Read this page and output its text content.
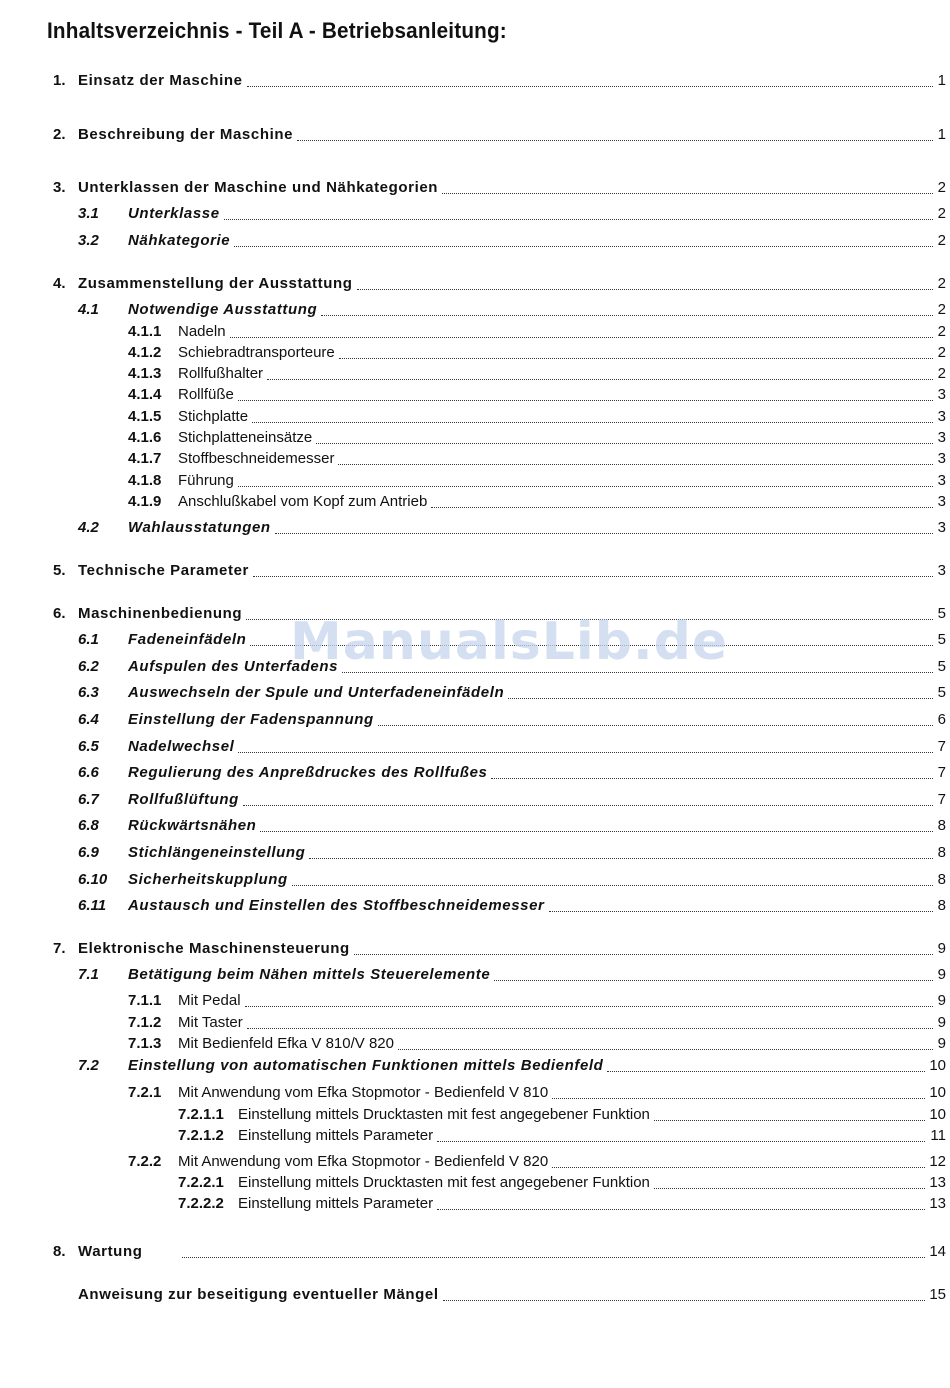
Inhaltsverzeichnis - Teil A - Betriebsanleitung:
1. Einsatz der Maschine	1
2. Beschreibung der Maschine	1
3. Unterklassen der Maschine und Nähkategorien	2
3.1 Unterklasse	2
3.2 Nähkategorie	2
4. Zusammenstellung der Ausstattung	2
4.1 Notwendige Ausstattung	2
4.1.1 Nadeln	2
4.1.2 Schiebradtransporteure	2
4.1.3 Rollfußhalter	2
4.1.4 Rollfüße	3
4.1.5 Stichplatte	3
4.1.6 Stichplatteneinsätze	3
4.1.7 Stoffbeschneidemesser	3
4.1.8 Führung	3
4.1.9 Anschlußkabel vom Kopf zum Antrieb	3
4.2 Wahlausstatungen	3
5. Technische Parameter	3
6. Maschinenbedienung	5
6.1 Fadeneinfädeln	5
6.2 Aufspulen des Unterfadens	5
6.3 Auswechseln der Spule und Unterfadeneinfädeln	5
6.4 Einstellung der Fadenspannung	6
6.5 Nadelwechsel	7
6.6 Regulierung des Anpreßdruckes des Rollfußes	7
6.7 Rollfußlüftung	7
6.8 Rückwärtsnähen	8
6.9 Stichlängeneinstellung	8
6.10 Sicherheitskupplung	8
6.11 Austausch und Einstellen des Stoffbeschneidemesser	8
7. Elektronische Maschinensteuerung	9
7.1 Betätigung beim Nähen mittels Steuerelemente	9
7.1.1 Mit Pedal	9
7.1.2 Mit Taster	9
7.1.3 Mit Bedienfeld Efka V 810/V 820	9
7.2 Einstellung von automatischen Funktionen mittels Bedienfeld	10
7.2.1 Mit Anwendung vom Efka Stopmotor - Bedienfeld V 810	10
7.2.1.1 Einstellung mittels Drucktasten mit fest angegebener Funktion	10
7.2.1.2 Einstellung mittels Parameter	11
7.2.2 Mit Anwendung vom Efka Stopmotor - Bedienfeld V 820	12
7.2.2.1 Einstellung mittels Drucktasten mit fest angegebener Funktion	13
7.2.2.2 Einstellung mittels Parameter	13
8. Wartung	14
Anweisung zur beseitigung eventueller Mängel	15
ManualsLib.de
